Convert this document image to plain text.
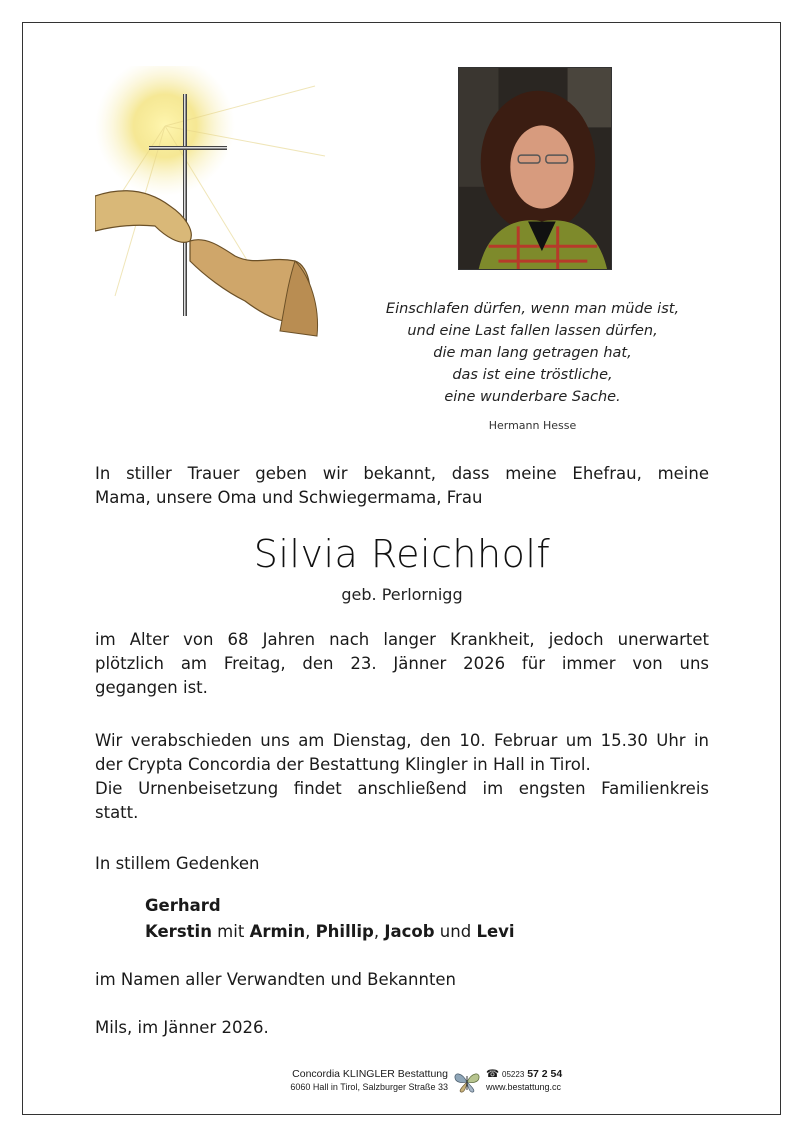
Einschlafen dürfen, wenn man müde ist,
und eine Last fallen lassen dürfen,
die man lang getragen hat,
das ist eine tröstliche,
eine wunderbare Sache.
Hermann Hesse
In stiller Trauer geben wir bekannt, dass meine Ehefrau, meine
Mama, unsere Oma und Schwiegermama, Frau
Silvia Reichholf
geb. Perlornigg
im Alter von 68 Jahren nach langer Krankheit, jedoch unerwartet
plötzlich am Freitag, den 23. Jänner 2026 für immer von uns
gegangen ist.
Wir verabschieden uns am Dienstag, den 10. Februar um 15.30 Uhr in
der Crypta Concordia der Bestattung Klingler in Hall in Tirol.
Die Urnenbeisetzung findet anschließend im engsten Familienkreis
statt.
In stillem Gedenken
Gerhard
Kerstin mit Armin, Phillip, Jacob und Levi
im Namen aller Verwandten und Bekannten
Mils, im Jänner 2026.
Concordia KLINGLER Bestattung
6060 Hall in Tirol, Salzburger Straße 33
☎ 05223 57 2 54
www.bestattung.cc
